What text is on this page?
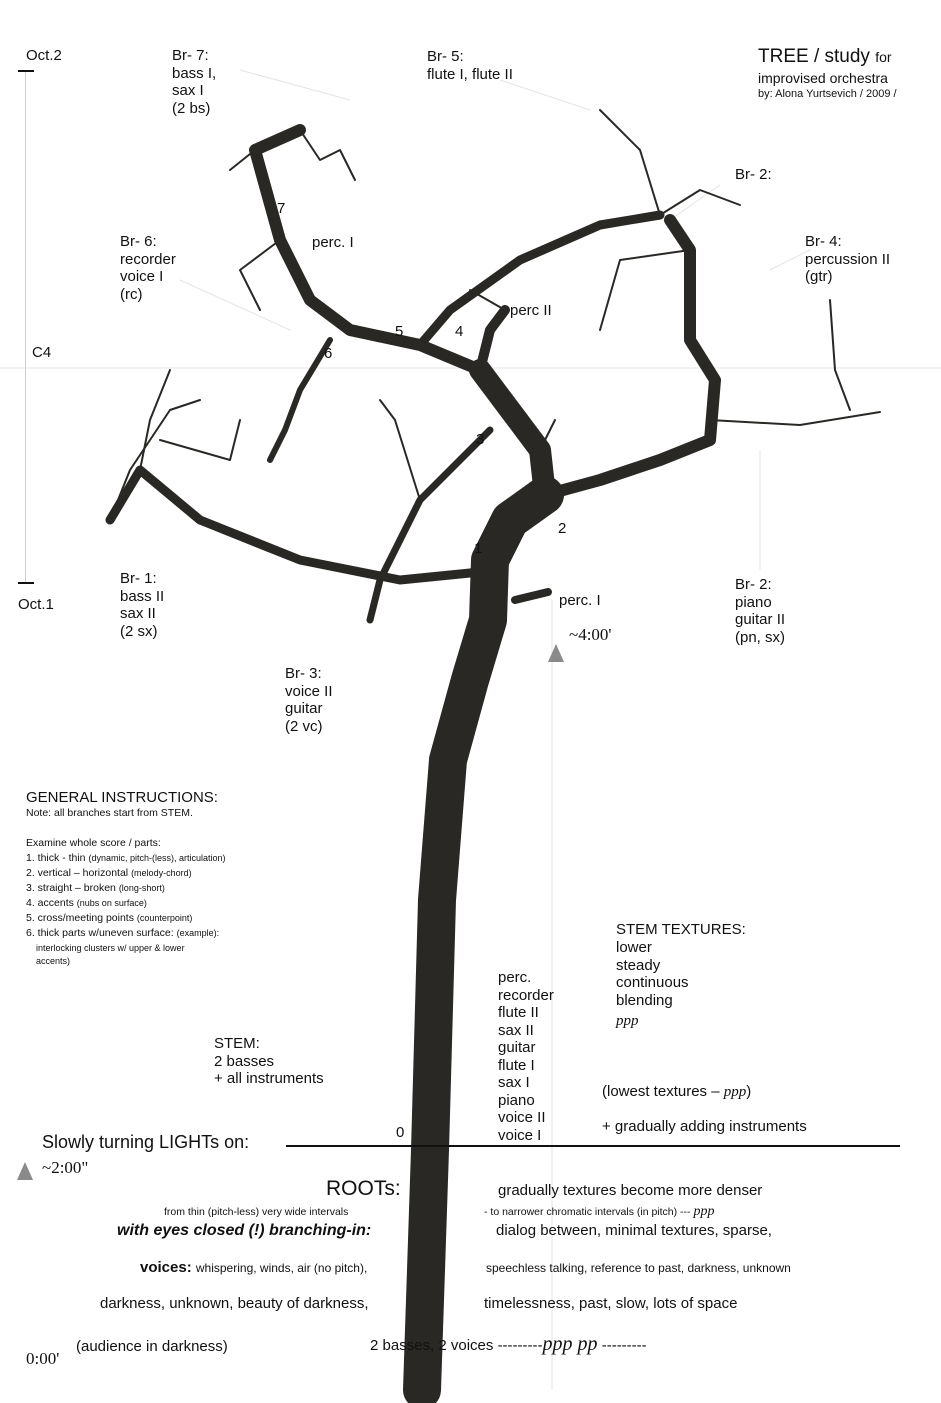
TREE / study for
improvised orchestra
by: Alona Yurtsevich / 2009 /
Oct.2
C4
Oct.1
Br- 7:
bass I,
sax I
(2 bs)
Br- 5:
flute I, flute II
Br- 2:
Br- 4:
percussion II
(gtr)
Br- 6:
recorder
voice I
(rc)
Br- 1:
bass II
sax II
(2 sx)
Br- 3:
voice II
guitar
(2 vc)
Br- 2:
piano
guitar II
(pn, sx)
7
6
5	4
3
2
1
0
perc. I
perc II
perc. I
~4:00'
~2:00"
0:00'
GENERAL INSTRUCTIONS:
Note: all branches start from STEM.
Examine whole score / parts:
1. thick - thin (dynamic, pitch-(less), articulation)
2. vertical – horizontal (melody-chord)
3. straight – broken (long-short)
4. accents (nubs on surface)
5. cross/meeting points (counterpoint)
6. thick parts w/uneven surface: (example):
interlocking clusters w/ upper & lower
accents)
STEM:
2 basses
+ all instruments
perc.
recorder
flute II
sax II
guitar
flute I
sax I
piano
voice II
voice I
STEM TEXTURES:
lower
steady
continuous
blending
ppp
(lowest textures – ppp)
+ gradually adding instruments
Slowly turning LIGHTs on:
ROOTs:	gradually textures become more denser
from thin (pitch-less) very wide intervals	- to narrower chromatic intervals (in pitch) --- ppp
with eyes closed (!) branching-in:	dialog between, minimal textures, sparse,
voices: whispering, winds, air (no pitch),	speechless talking, reference to past, darkness, unknown
darkness, unknown, beauty of darkness,	timelessness, past, slow, lots of space
(audience in darkness)	2 basses, 2 voices ---------ppp pp ---------
